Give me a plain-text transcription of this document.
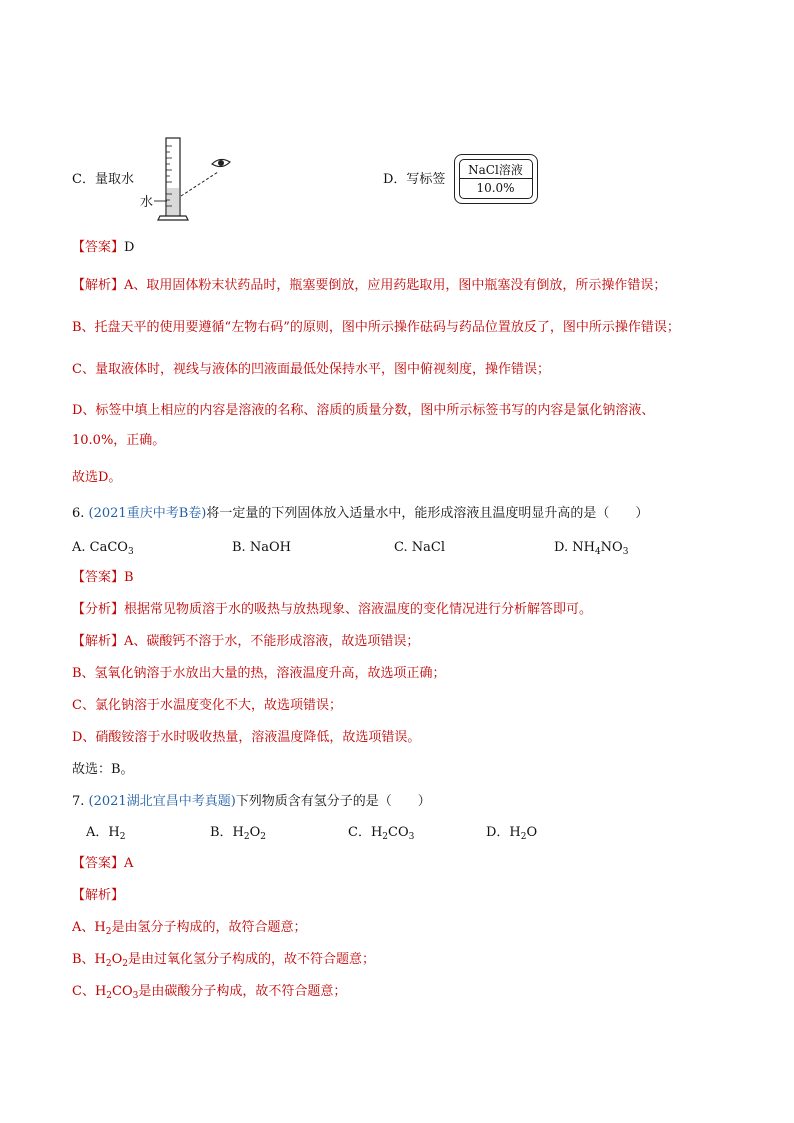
C．量取水
水
D．写标签
NaCl溶液
10.0%
【答案】D
【解析】A、取用固体粉末状药品时，瓶塞要倒放，应用药匙取用，图中瓶塞没有倒放，所示操作错误；
B、托盘天平的使用要遵循“左物右码”的原则，图中所示操作砝码与药品位置放反了，图中所示操作错误；
C、量取液体时，视线与液体的凹液面最低处保持水平，图中俯视刻度，操作错误；
D、标签中填上相应的内容是溶液的名称、溶质的质量分数，图中所示标签书写的内容是氯化钠溶液、
10.0%，正确。
故选D。
6. (2021重庆中考B卷)将一定量的下列固体放入适量水中，能形成溶液且温度明显升高的是（　　）
A. CaCO$_3$	B. NaOH	C. NaCl	D. $NH_4NO_3$
【答案】B
【分析】根据常见物质溶于水的吸热与放热现象、溶液温度的变化情况进行分析解答即可。
【解析】A、碳酸钙不溶于水，不能形成溶液，故选项错误；
B、氢氧化钠溶于水放出大量的热，溶液温度升高，故选项正确；
C、氯化钠溶于水温度变化不大，故选项错误；
D、硝酸铵溶于水时吸收热量，溶液温度降低，故选项错误。
故选：B。
7. (2021湖北宜昌中考真题)下列物质含有氢分子的是（　　）
A．$H_2$	B．$H_2O_2$	C．$H_2CO_3$	D．$H_2O$
【答案】A
【解析】
A、$H_2$是由氢分子构成的，故符合题意；
B、$H_2O_2$是由过氧化氢分子构成的，故不符合题意；
C、$H_2CO_3$是由碳酸分子构成，故不符合题意；
